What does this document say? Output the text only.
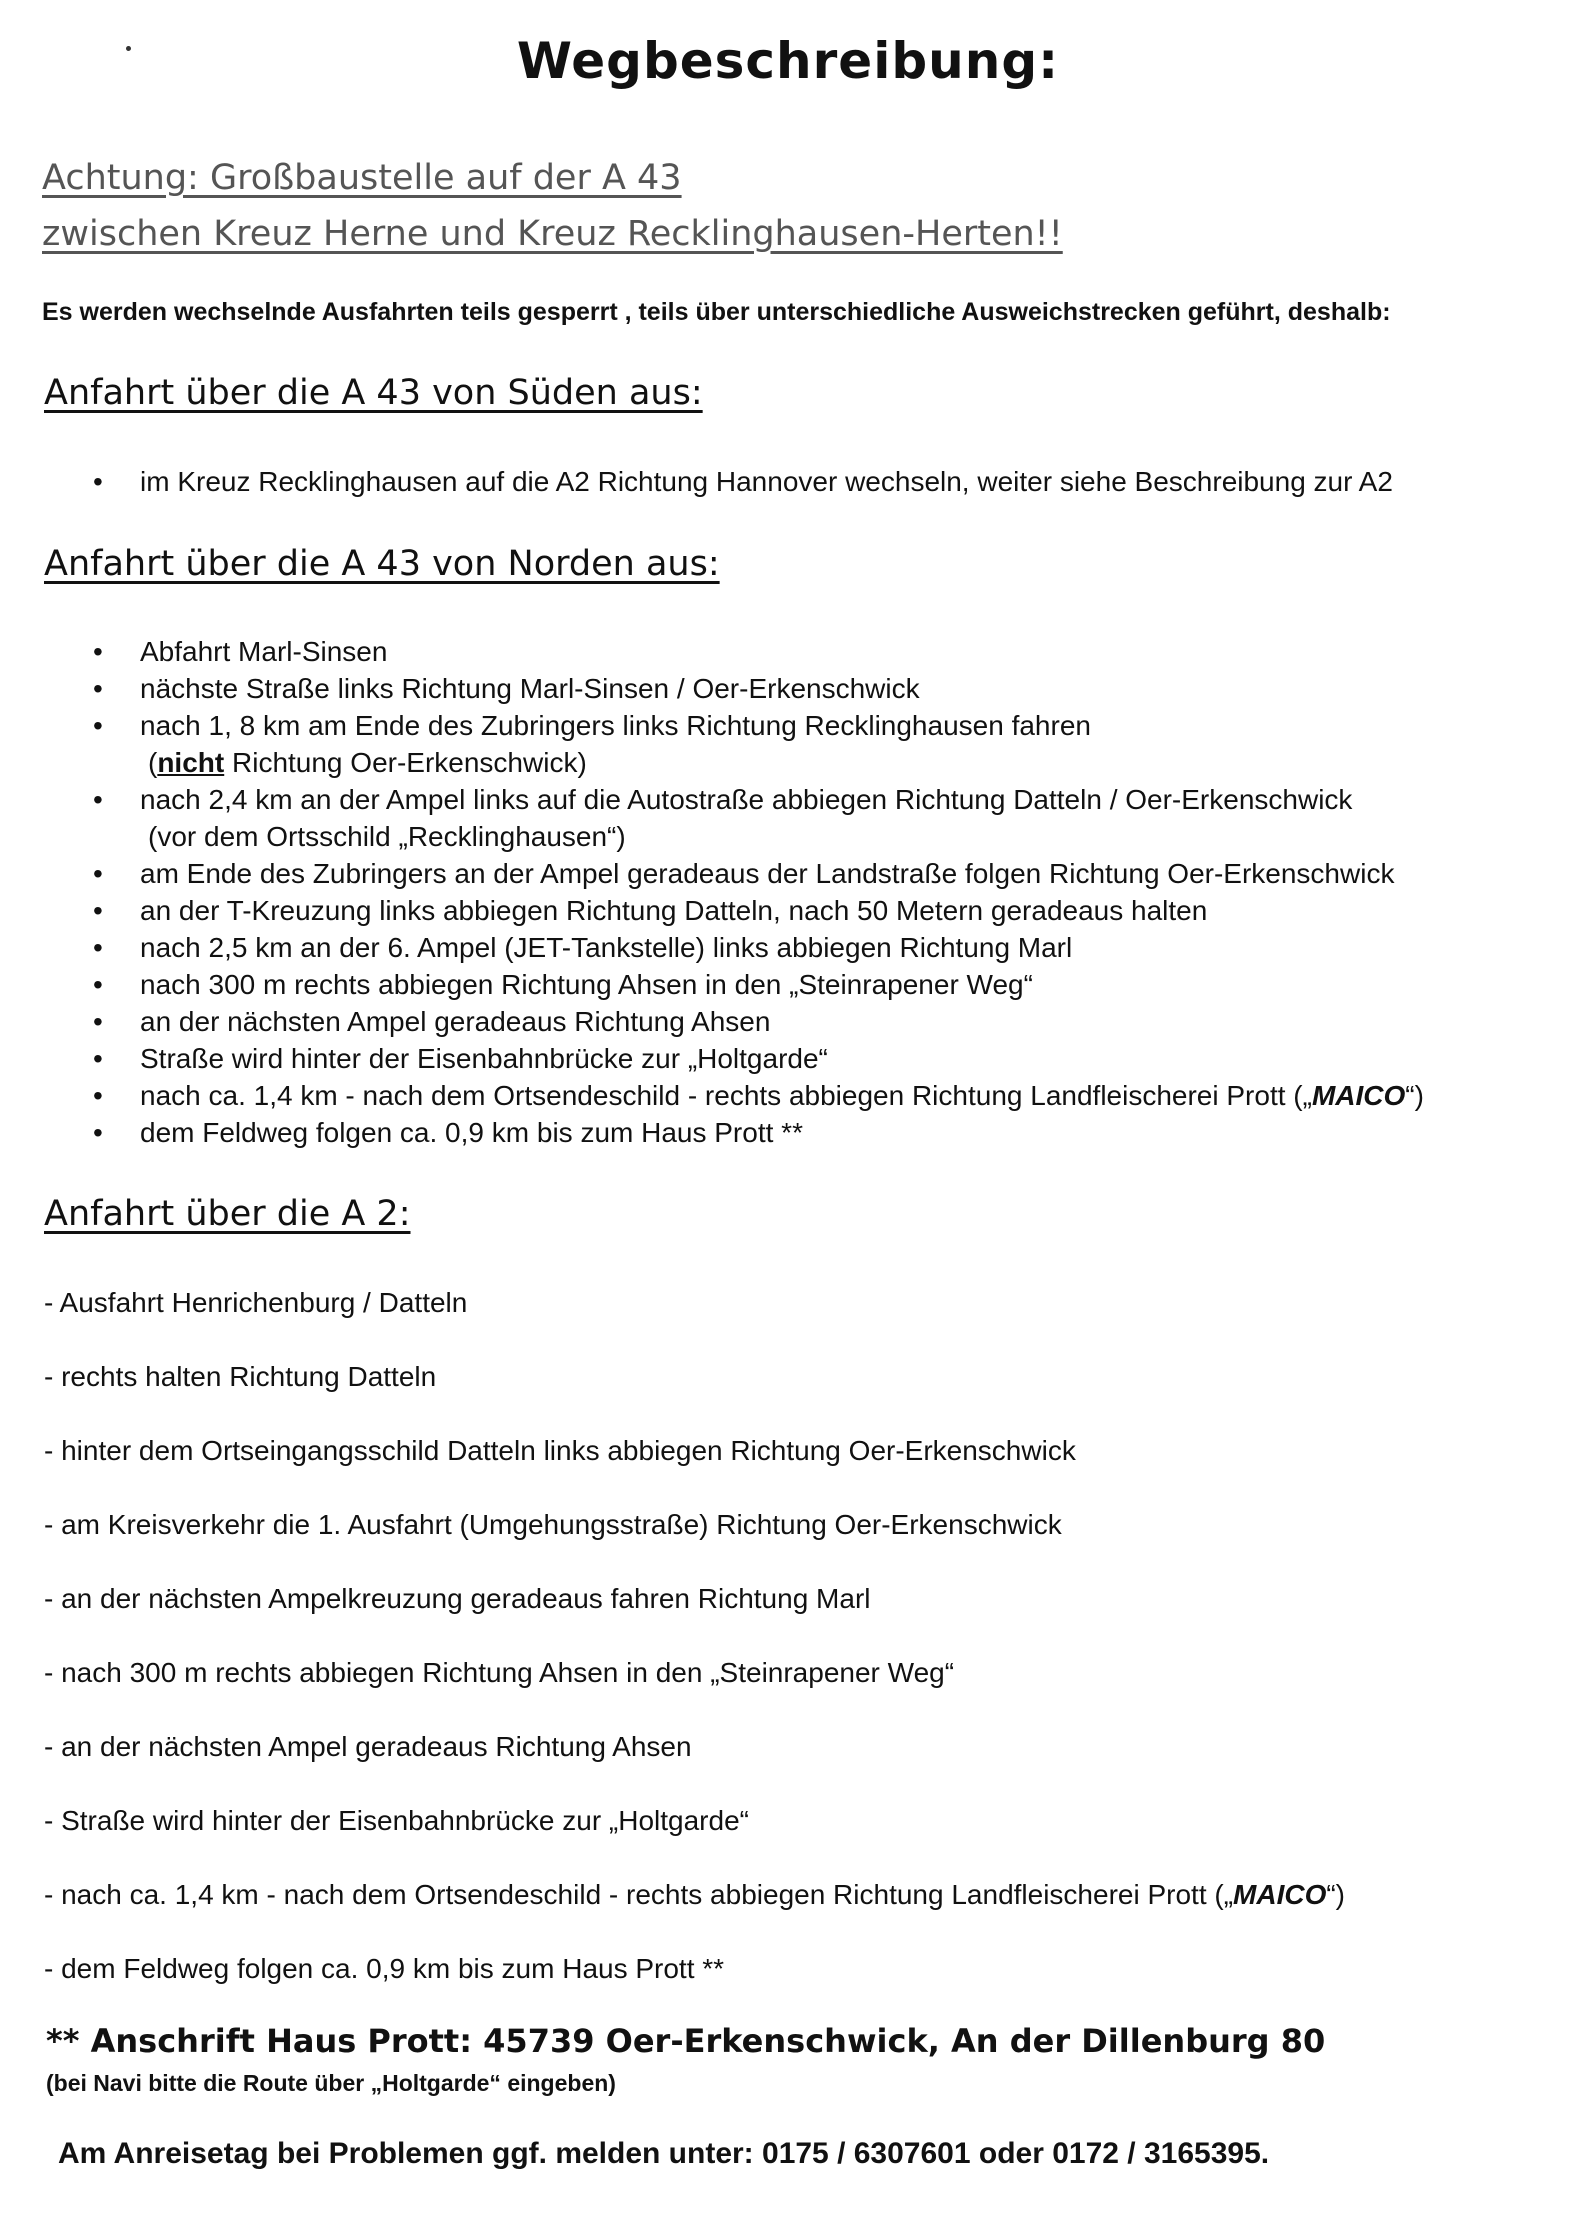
Wegbeschreibung:
Achtung: Großbaustelle auf der A 43
zwischen Kreuz Herne und Kreuz Recklinghausen-Herten!!
Es werden wechselnde Ausfahrten teils gesperrt , teils über unterschiedliche Ausweichstrecken geführt, deshalb:
Anfahrt über die A 43 von Süden aus:
• im Kreuz Recklinghausen auf die A2 Richtung Hannover wechseln, weiter siehe Beschreibung zur A2
Anfahrt über die A 43 von Norden aus:
• Abfahrt Marl-Sinsen
• nächste Straße links Richtung Marl-Sinsen / Oer-Erkenschwick
• nach 1, 8 km am Ende des Zubringers links Richtung Recklinghausen fahren
(nicht Richtung Oer-Erkenschwick)
• nach 2,4 km an der Ampel links auf die Autostraße abbiegen Richtung Datteln / Oer-Erkenschwick
(vor dem Ortsschild „Recklinghausen“)
• am Ende des Zubringers an der Ampel geradeaus der Landstraße folgen Richtung Oer-Erkenschwick
• an der T-Kreuzung links abbiegen Richtung Datteln, nach 50 Metern geradeaus halten
• nach 2,5 km an der 6. Ampel (JET-Tankstelle) links abbiegen Richtung Marl
• nach 300 m rechts abbiegen Richtung Ahsen in den „Steinrapener Weg“
• an der nächsten Ampel geradeaus Richtung Ahsen
• Straße wird hinter der Eisenbahnbrücke zur „Holtgarde“
• nach ca. 1,4 km - nach dem Ortsendeschild - rechts abbiegen Richtung Landfleischerei Prott („MAICO“)
• dem Feldweg folgen ca. 0,9 km bis zum Haus Prott **
Anfahrt über die A 2:
- Ausfahrt Henrichenburg / Datteln
- rechts halten Richtung Datteln
- hinter dem Ortseingangsschild Datteln links abbiegen Richtung Oer-Erkenschwick
- am Kreisverkehr die 1. Ausfahrt (Umgehungsstraße) Richtung Oer-Erkenschwick
- an der nächsten Ampelkreuzung geradeaus fahren Richtung Marl
- nach 300 m rechts abbiegen Richtung Ahsen in den „Steinrapener Weg“
- an der nächsten Ampel geradeaus Richtung Ahsen
- Straße wird hinter der Eisenbahnbrücke zur „Holtgarde“
- nach ca. 1,4 km - nach dem Ortsendeschild - rechts abbiegen Richtung Landfleischerei Prott („MAICO“)
- dem Feldweg folgen ca. 0,9 km bis zum Haus Prott **
** Anschrift Haus Prott: 45739 Oer-Erkenschwick, An der Dillenburg 80
(bei Navi bitte die Route über „Holtgarde“ eingeben)
Am Anreisetag bei Problemen ggf. melden unter: 0175 / 6307601 oder 0172 / 3165395.
